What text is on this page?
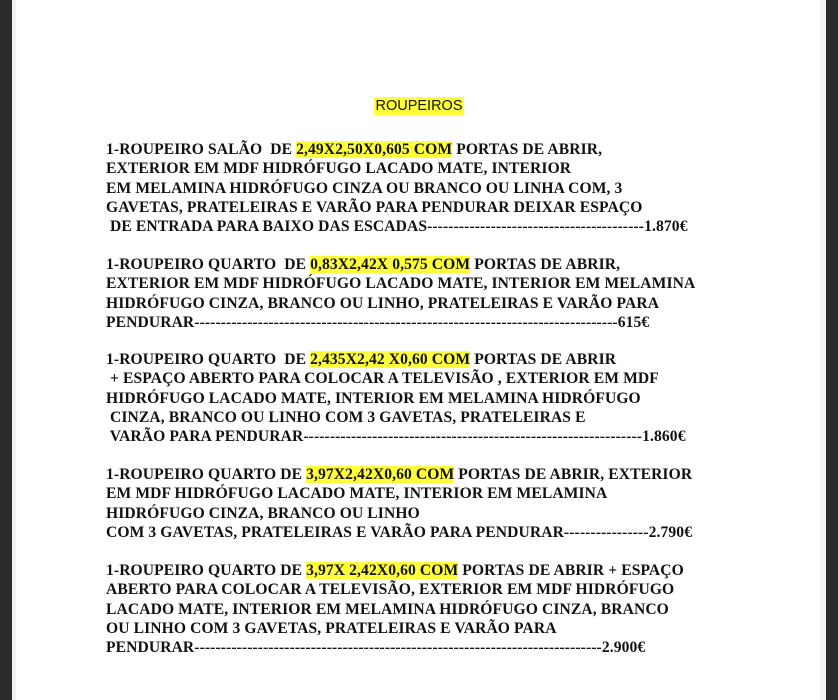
ROUPEIROS
1-ROUPEIRO SALÃO  DE 2,49X2,50X0,605 COM PORTAS DE ABRIR,
EXTERIOR EM MDF HIDRÓFUGO LACADO MATE, INTERIOR
EM MELAMINA HIDRÓFUGO CINZA OU BRANCO OU LINHA COM, 3
GAVETAS, PRATELEIRAS E VARÃO PARA PENDURAR DEIXAR ESPAÇO
DE ENTRADA PARA BAIXO DAS ESCADAS-----------------------------------------1.870€
1-ROUPEIRO QUARTO  DE 0,83X2,42X 0,575 COM PORTAS DE ABRIR,
EXTERIOR EM MDF HIDRÓFUGO LACADO MATE, INTERIOR EM MELAMINA
HIDRÓFUGO CINZA, BRANCO OU LINHO, PRATELEIRAS E VARÃO PARA
PENDURAR--------------------------------------------------------------------------------615€
1-ROUPEIRO QUARTO  DE 2,435X2,42 X0,60 COM PORTAS DE ABRIR
+ ESPAÇO ABERTO PARA COLOCAR A TELEVISÃO , EXTERIOR EM MDF
HIDRÓFUGO LACADO MATE, INTERIOR EM MELAMINA HIDRÓFUGO
CINZA, BRANCO OU LINHO COM 3 GAVETAS, PRATELEIRAS E
VARÃO PARA PENDURAR----------------------------------------------------------------1.860€
1-ROUPEIRO QUARTO DE 3,97X2,42X0,60 COM PORTAS DE ABRIR, EXTERIOR
EM MDF HIDRÓFUGO LACADO MATE, INTERIOR EM MELAMINA
HIDRÓFUGO CINZA, BRANCO OU LINHO
COM 3 GAVETAS, PRATELEIRAS E VARÃO PARA PENDURAR----------------2.790€
1-ROUPEIRO QUARTO DE 3,97X 2,42X0,60 COM PORTAS DE ABRIR + ESPAÇO
ABERTO PARA COLOCAR A TELEVISÃO, EXTERIOR EM MDF HIDRÓFUGO
LACADO MATE, INTERIOR EM MELAMINA HIDRÓFUGO CINZA, BRANCO
OU LINHO COM 3 GAVETAS, PRATELEIRAS E VARÃO PARA
PENDURAR-----------------------------------------------------------------------------2.900€
